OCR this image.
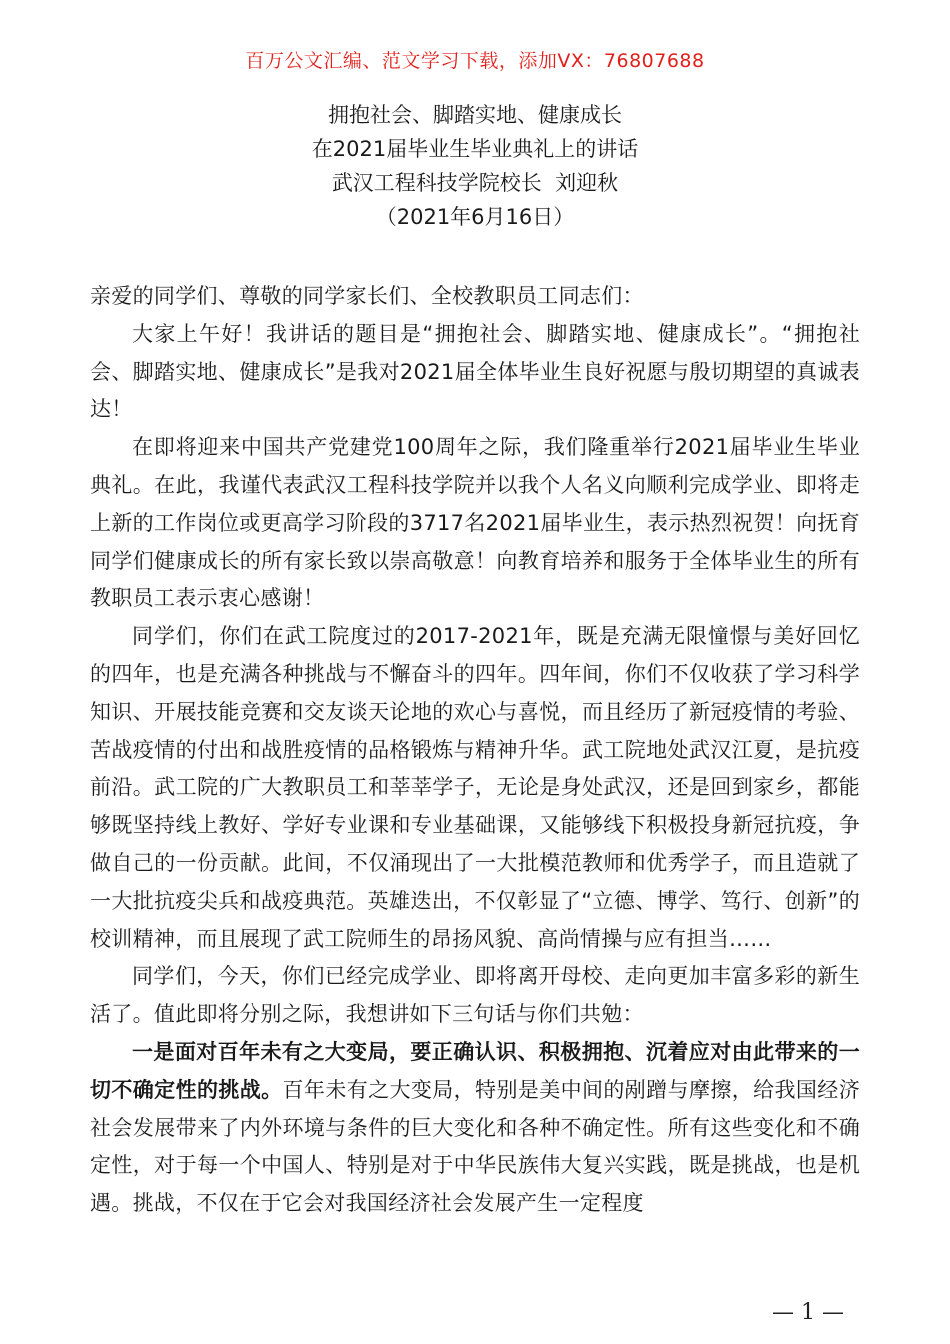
百万公文汇编、范文学习下载，添加VX：76807688
拥抱社会、脚踏实地、健康成长
在2021届毕业生毕业典礼上的讲话
武汉工程科技学院校长  刘迎秋
（2021年6月16日）

亲爱的同学们、尊敬的同学家长们、全校教职员工同志们：

大家上午好！我讲话的题目是“拥抱社会、脚踏实地、健康成长”。“拥抱社会、脚踏实地、健康成长”是我对2021届全体毕业生良好祝愿与殷切期望的真诚表达！

在即将迎来中国共产党建党100周年之际，我们隆重举行2021届毕业生毕业典礼。在此，我谨代表武汉工程科技学院并以我个人名义向顺利完成学业、即将走上新的工作岗位或更高学习阶段的3717名2021届毕业生，表示热烈祝贺！向抚育同学们健康成长的所有家长致以崇高敬意！向教育培养和服务于全体毕业生的所有教职员工表示衷心感谢！

同学们，你们在武工院度过的2017-2021年，既是充满无限憧憬与美好回忆的四年，也是充满各种挑战与不懈奋斗的四年。四年间，你们不仅收获了学习科学知识、开展技能竞赛和交友谈天论地的欢心与喜悦，而且经历了新冠疫情的考验、苦战疫情的付出和战胜疫情的品格锻炼与精神升华。武工院地处武汉江夏，是抗疫前沿。武工院的广大教职员工和莘莘学子，无论是身处武汉，还是回到家乡，都能够既坚持线上教好、学好专业课和专业基础课，又能够线下积极投身新冠抗疫，争做自己的一份贡献。此间，不仅涌现出了一大批模范教师和优秀学子，而且造就了一大批抗疫尖兵和战疫典范。英雄迭出，不仅彰显了“立德、博学、笃行、创新”的校训精神，而且展现了武工院师生的昂扬风貌、高尚情操与应有担当……

同学们，今天，你们已经完成学业、即将离开母校、走向更加丰富多彩的新生活了。值此即将分别之际，我想讲如下三句话与你们共勉：

一是面对百年未有之大变局，要正确认识、积极拥抱、沉着应对由此带来的一切不确定性的挑战。百年未有之大变局，特别是美中间的剐蹭与摩擦，给我国经济社会发展带来了内外环境与条件的巨大变化和各种不确定性。所有这些变化和不确定性，对于每一个中国人、特别是对于中华民族伟大复兴实践，既是挑战，也是机遇。挑战，不仅在于它会对我国经济社会发展产生一定程度

— 1 —
